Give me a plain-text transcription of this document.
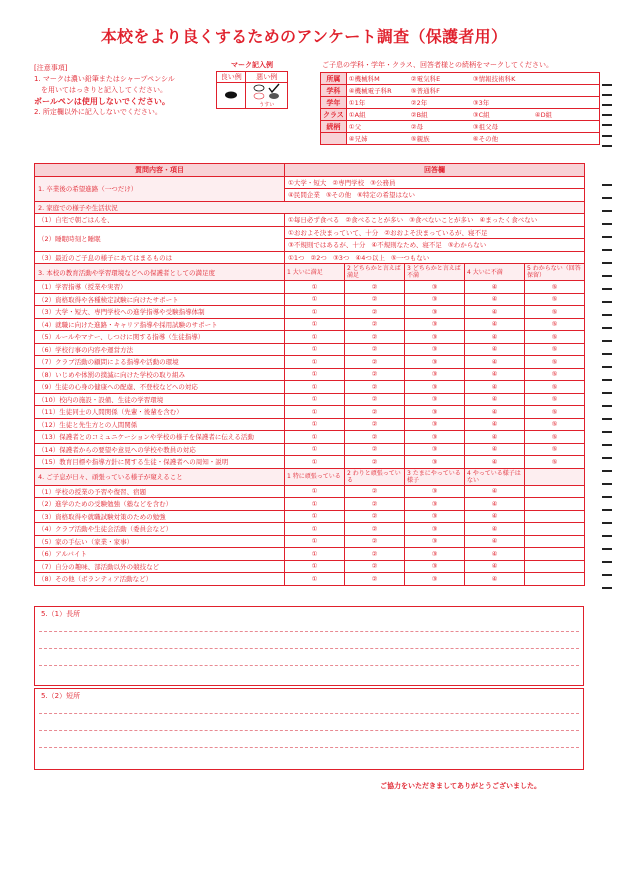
本校をより良くするためのアンケート調査（保護者用）
[注意事項]
1. マークは濃い鉛筆またはシャープペンシル
　を用いてはっきりと記入してください。
ボールペンは使用しないでください。
2. 所定欄以外に記入しないでください。
マーク記入例
良い例	悪い例

うすい
ご子息の学科・学年・クラス、回答者様との続柄をマークしてください。
所属	①機械科M ②電気科E ③情報技術科K
学科	④機械電子科R ⑤普通科F
学年	①1年 ②2年 ③3年
クラス	①A組 ②B組 ③C組 ④D組
続柄	①父 ②母 ③祖父母
	④兄姉 ⑤親族 ⑥その他
質問内容・項目	回答欄				
1. 卒業後の希望進路（一つだけ）	①大学・短大 ②専門学校 ③公務員				
	④民間企業 ⑤その他 ⑥特定の希望はない				
2. 家庭での様子や生活状況					
（1）自宅で朝ごはんを、	①毎日必ず食べる ②食べることが多い ③食べないことが多い ④まったく食べない				
（2）睡眠時刻と睡眠	①おおよそ決まっていて、十分 ②おおよそ決まっているが、寝不足				
	③不規則ではあるが、十分 ④不規則なため、寝不足 ⑤わからない				
（3）最近のご子息の様子にあてはまるものは	①1つ ②2つ ③3つ ④4つ以上 ⑤一つもない				
3. 本校の教育活動や学習環境などへの保護者としての満足度	1 大いに満足	2 どちらかと言えば満足	3 どちらかと言えば不満	4 大いに不満	5 わからない（回答保留）
（1）学習指導（授業や実習）	①	②	③	④	⑤
（2）資格取得や各種検定試験に向けたサポート	①	②	③	④	⑤
（3）大学・短大、専門学校への進学指導や受験指導体制	①	②	③	④	⑤
（4）就職に向けた進路・キャリア指導や採用試験のサポート	①	②	③	④	⑤
（5）ルールやマナー、しつけに関する指導（生徒指導）	①	②	③	④	⑤
（6）学校行事の内容や運営方法	①	②	③	④	⑤
（7）クラブ活動の顧問による指導や活動の環境	①	②	③	④	⑤
（8）いじめや体罰の撲滅に向けた学校の取り組み	①	②	③	④	⑤
（9）生徒の心身の健康への配慮、不登校などへの対応	①	②	③	④	⑤
（10）校内の施設・設備、生徒の学習環境	①	②	③	④	⑤
（11）生徒同士の人間関係（先輩・後輩を含む）	①	②	③	④	⑤
（12）生徒と先生方との人間関係	①	②	③	④	⑤
（13）保護者とのコミュニケーションや学校の様子を保護者に伝える活動	①	②	③	④	⑤
（14）保護者からの要望や意見への学校や教員の対応	①	②	③	④	⑤
（15）教育目標や指導方針に関する生徒・保護者への周知・説明	①	②	③	④	⑤
4. ご子息が日々、頑張っている様子が窺えること	1 特に頑張っている	2 わりと頑張っている	3 たまにやっている様子	4 やっている様子はない	
（1）学校の授業の予習や復習、宿題	①	②	③	④	
（2）進学のための受験勉強（塾などを含む）	①	②	③	④	
（3）資格取得や就職試験対策のための勉強	①	②	③	④	
（4）クラブ活動や生徒会活動（委員会など）	①	②	③	④	
（5）家の手伝い（家業・家事）	①	②	③	④	
（6）アルバイト	①	②	③	④	
（7）自分の趣味、部活動以外の競技など	①	②	③	④	
（8）その他（ボランティア活動など）	①	②	③	④	
5.（1）長所
5.（2）短所
ご協力をいただきましてありがとうございました。
